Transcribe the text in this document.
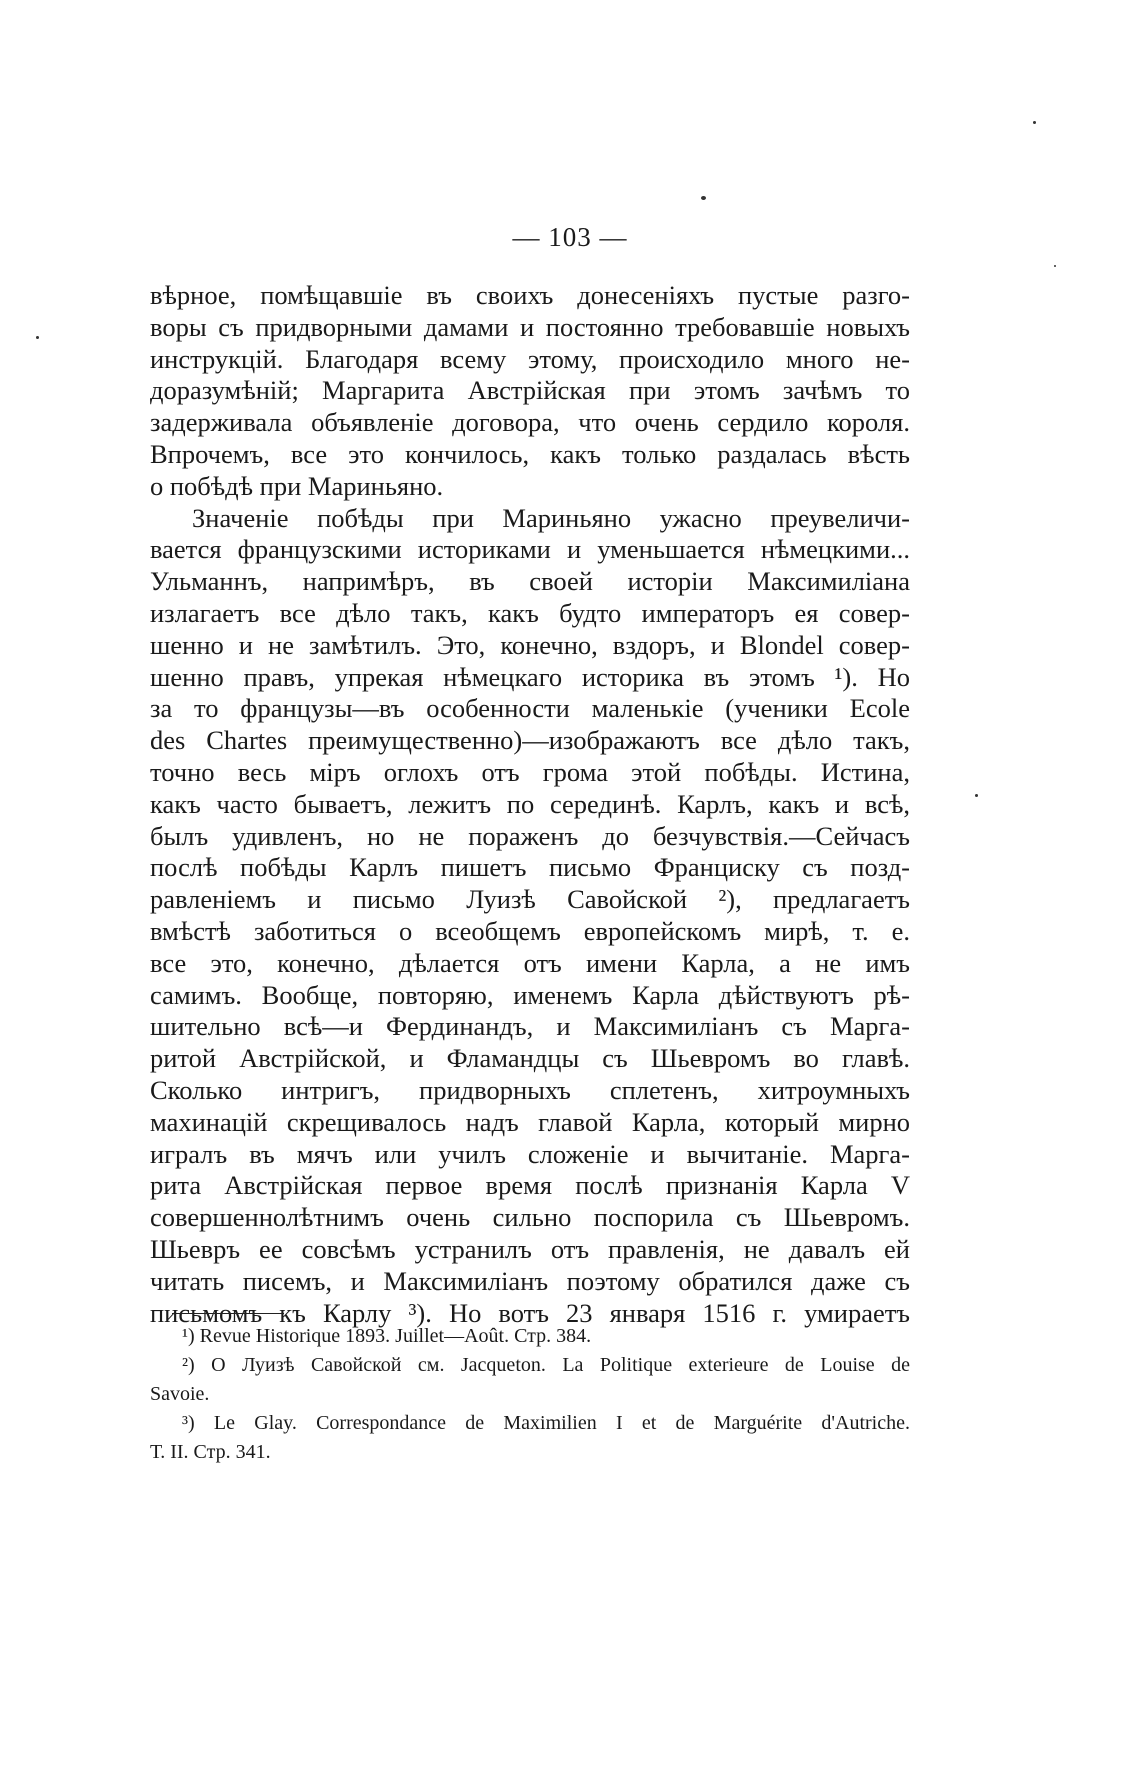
— 103 —
вѣрное, помѣщавшіе въ своихъ донесеніяхъ пустые разго-
воры съ придворными дамами и постоянно требовавшіе новыхъ
инструкцій. Благодаря всему этому, происходило много не-
доразумѣній; Маргарита Австрійская при этомъ зачѣмъ то
задерживала объявленіе договора, что очень сердило короля.
Впрочемъ, все это кончилось, какъ только раздалась вѣсть
о побѣдѣ при Мариньяно.
Значеніе побѣды при Мариньяно ужасно преувеличи-
вается французскими историками и уменьшается нѣмецкими...
Ульманнъ, напримѣръ, въ своей исторіи Максимиліана
излагаетъ все дѣло такъ, какъ будто императоръ ея совер-
шенно и не замѣтилъ. Это, конечно, вздоръ, и Blondel совер-
шенно правъ, упрекая нѣмецкаго историка въ этомъ ¹). Но
за то французы—въ особенности маленькіе (ученики Ecole
des Chartes преимущественно)—изображаютъ все дѣло такъ,
точно весь міръ оглохъ отъ грома этой побѣды. Истина,
какъ часто бываетъ, лежитъ по серединѣ. Карлъ, какъ и всѣ,
былъ удивленъ, но не пораженъ до безчувствія.—Сейчасъ
послѣ побѣды Карлъ пишетъ письмо Франциску съ позд-
равленіемъ и письмо Луизѣ Савойской ²), предлагаетъ
вмѣстѣ заботиться о всеобщемъ европейскомъ мирѣ, т. е.
все это, конечно, дѣлается отъ имени Карла, а не имъ
самимъ. Вообще, повторяю, именемъ Карла дѣйствуютъ рѣ-
шительно всѣ—и Фердинандъ, и Максимиліанъ съ Марга-
ритой Австрійской, и Фламандцы съ Шьевромъ во главѣ.
Сколько интригъ, придворныхъ сплетенъ, хитроумныхъ
махинацій скрещивалось надъ главой Карла, который мирно
игралъ въ мячъ или училъ сложеніе и вычитаніе. Марга-
рита Австрійская первое время послѣ признанія Карла V
совершеннолѣтнимъ очень сильно поспорила съ Шьевромъ.
Шьевръ ее совсѣмъ устранилъ отъ правленія, не давалъ ей
читать писемъ, и Максимиліанъ поэтому обратился даже съ
письмомъ къ Карлу ³). Но вотъ 23 января 1516 г. умираетъ
¹) Revue Historique 1893. Juillet—Août. Стр. 384.
²) О Луизѣ Савойской см. Jacqueton. La Politique exterieure de Louise de
Savoie.
³) Le Glay. Correspondance de Maximilien I et de Marguérite d'Autriche.
Т. II. Стр. 341.
